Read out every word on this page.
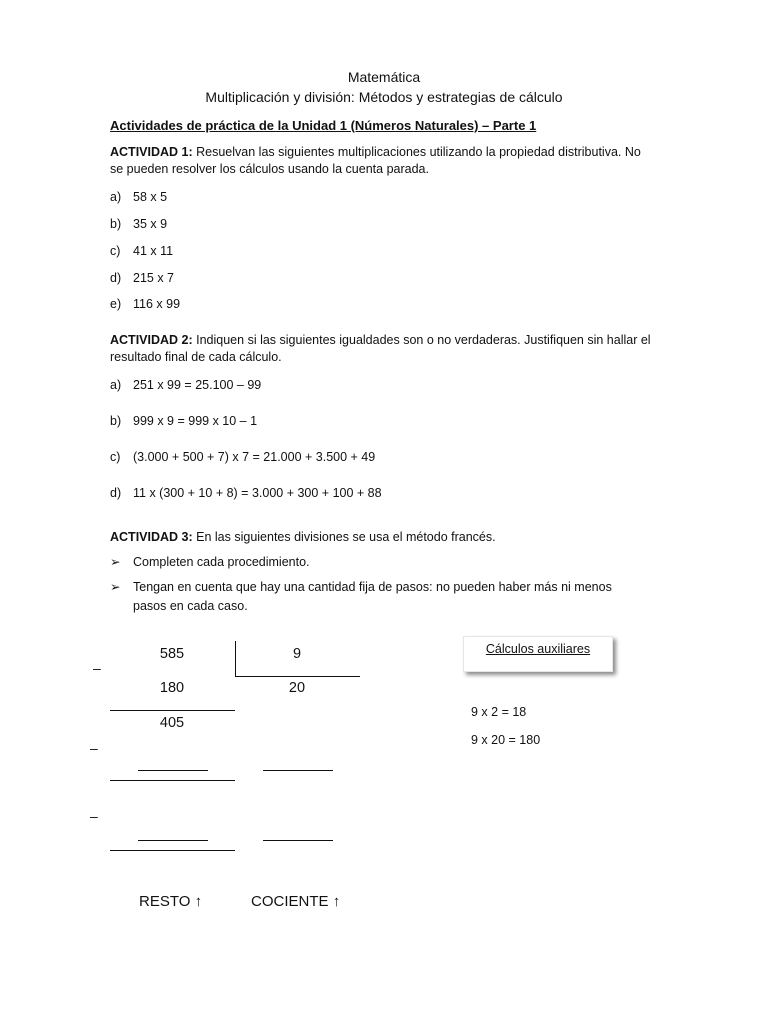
Matemática
Multiplicación y división: Métodos y estrategias de cálculo
Actividades de práctica de la Unidad 1 (Números Naturales) – Parte 1
ACTIVIDAD 1: Resuelvan las siguientes multiplicaciones utilizando la propiedad distributiva. No
se pueden resolver los cálculos usando la cuenta parada.
a) 58 x 5
b) 35 x 9
c) 41 x 11
d) 215 x 7
e) 116 x 99
ACTIVIDAD 2: Indiquen si las siguientes igualdades son o no verdaderas. Justifiquen sin hallar el
resultado final de cada cálculo.
a) 251 x 99 = 25.100 – 99
b) 999 x 9 = 999 x 10 – 1
c) (3.000 + 500 + 7) x 7 = 21.000 + 3.500 + 49
d) 11 x (300 + 10 + 8) = 3.000 + 300 + 100 + 88
ACTIVIDAD 3: En las siguientes divisiones se usa el método francés.
➢	Completen cada procedimiento.
➢	Tengan en cuenta que hay una cantidad fija de pasos: no pueden haber más ni menos pasos en cada caso.
585	9
–
180	20
405
–
–
RESTO ↑	COCIENTE ↑
Cálculos auxiliares
9 x 2 = 18
9 x 20 = 180
